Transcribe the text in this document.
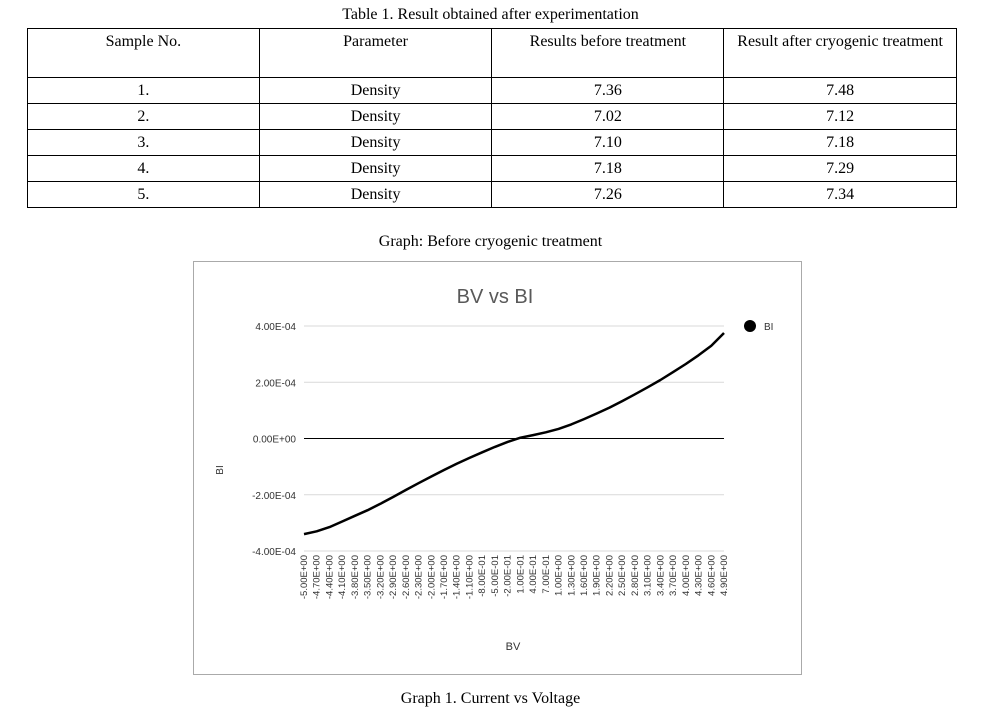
Table 1. Result obtained after experimentation
Sample No.	Parameter	Results before treatment	Result after cryogenic treatment
1.	Density	7.36	7.48
2.	Density	7.02	7.12
3.	Density	7.10	7.18
4.	Density	7.18	7.29
5.	Density	7.26	7.34
Graph: Before cryogenic treatment
BV vs BI
4.00E-04
2.00E-04
0.00E+00
-2.00E-04
-4.00E-04
-5.00E+00 -4.70E+00 -4.40E+00 -4.10E+00 -3.80E+00 -3.50E+00 -3.20E+00 -2.90E+00 -2.60E+00 -2.30E+00 -2.00E+00 -1.70E+00 -1.40E+00 -1.10E+00 -8.00E-01 -5.00E-01 -2.00E-01 1.00E-01 4.00E-01 7.00E-01 1.00E+00 1.30E+00 1.60E+00 1.90E+00 2.20E+00 2.50E+00 2.80E+00 3.10E+00 3.40E+00 3.70E+00 4.00E+00 4.30E+00 4.60E+00 4.90E+00
BI
BV
BI
Graph 1. Current vs Voltage
